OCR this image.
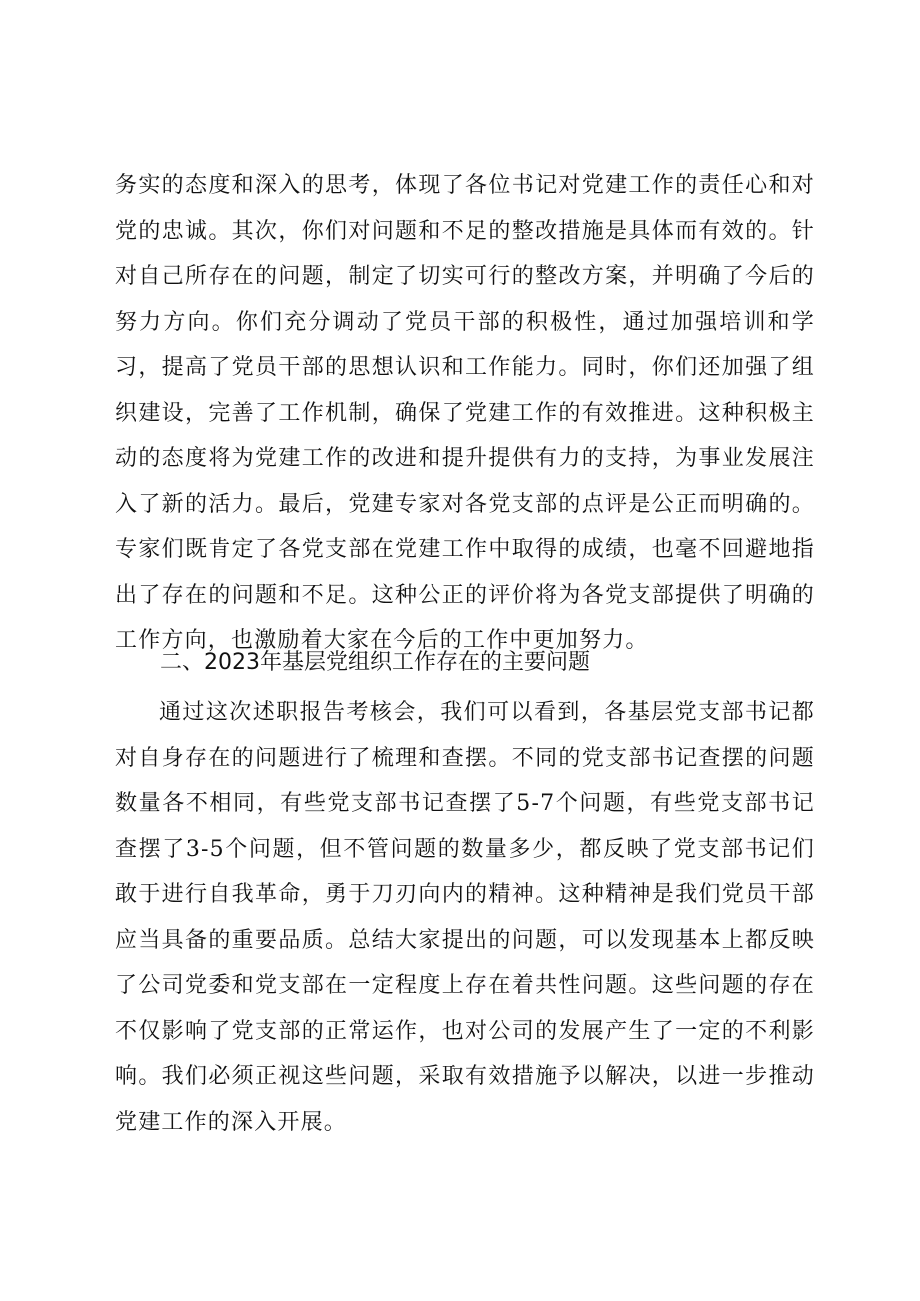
务实的态度和深入的思考，体现了各位书记对党建工作的责任心和对党的忠诚。其次，你们对问题和不足的整改措施是具体而有效的。针对自己所存在的问题，制定了切实可行的整改方案，并明确了今后的努力方向。你们充分调动了党员干部的积极性，通过加强培训和学习，提高了党员干部的思想认识和工作能力。同时，你们还加强了组织建设，完善了工作机制，确保了党建工作的有效推进。这种积极主动的态度将为党建工作的改进和提升提供有力的支持，为事业发展注入了新的活力。最后，党建专家对各党支部的点评是公正而明确的。专家们既肯定了各党支部在党建工作中取得的成绩，也毫不回避地指出了存在的问题和不足。这种公正的评价将为各党支部提供了明确的工作方向，也激励着大家在今后的工作中更加努力。

二、2023年基层党组织工作存在的主要问题

通过这次述职报告考核会，我们可以看到，各基层党支部书记都对自身存在的问题进行了梳理和查摆。不同的党支部书记查摆的问题数量各不相同，有些党支部书记查摆了5-7个问题，有些党支部书记查摆了3-5个问题，但不管问题的数量多少，都反映了党支部书记们敢于进行自我革命，勇于刀刃向内的精神。这种精神是我们党员干部应当具备的重要品质。总结大家提出的问题，可以发现基本上都反映了公司党委和党支部在一定程度上存在着共性问题。这些问题的存在不仅影响了党支部的正常运作，也对公司的发展产生了一定的不利影响。我们必须正视这些问题，采取有效措施予以解决，以进一步推动党建工作的深入开展。
